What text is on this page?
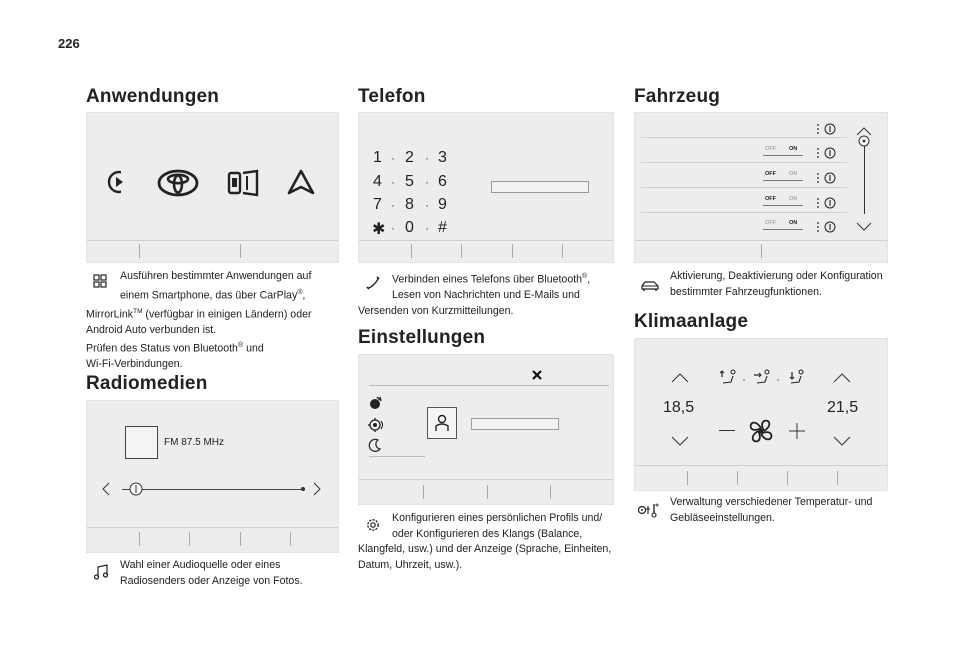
226
Anwendungen
Ausführen bestimmter Anwendungen auf
einem Smartphone, das über CarPlay®,
MirrorLink™ (verfügbar in einigen Ländern) oder
Android Auto verbunden ist.
Prüfen des Status von Bluetooth® und
Wi-Fi-Verbindungen.
Radiomedien
FM 87.5 MHz
Wahl einer Audioquelle oder eines
Radiosenders oder Anzeige von Fotos.
Telefon
1 · 2 · 3
4 · 5 · 6
7 · 8 · 9
✱ · 0 · #
Verbinden eines Telefons über Bluetooth®,
Lesen von Nachrichten und E-Mails und
Versenden von Kurzmitteilungen.
Einstellungen
Konfigurieren eines persönlichen Profils und/
oder Konfigurieren des Klangs (Balance,
Klangfeld, usw.) und der Anzeige (Sprache, Einheiten,
Datum, Uhrzeit, usw.).
Fahrzeug
OFF ON
OFF ON
OFF ON
OFF ON
Aktivierung, Deaktivierung oder Konfiguration
bestimmter Fahrzeugfunktionen.
Klimaanlage
18,5	21,5
·	·
Verwaltung verschiedener Temperatur- und
Gebläseeinstellungen.
